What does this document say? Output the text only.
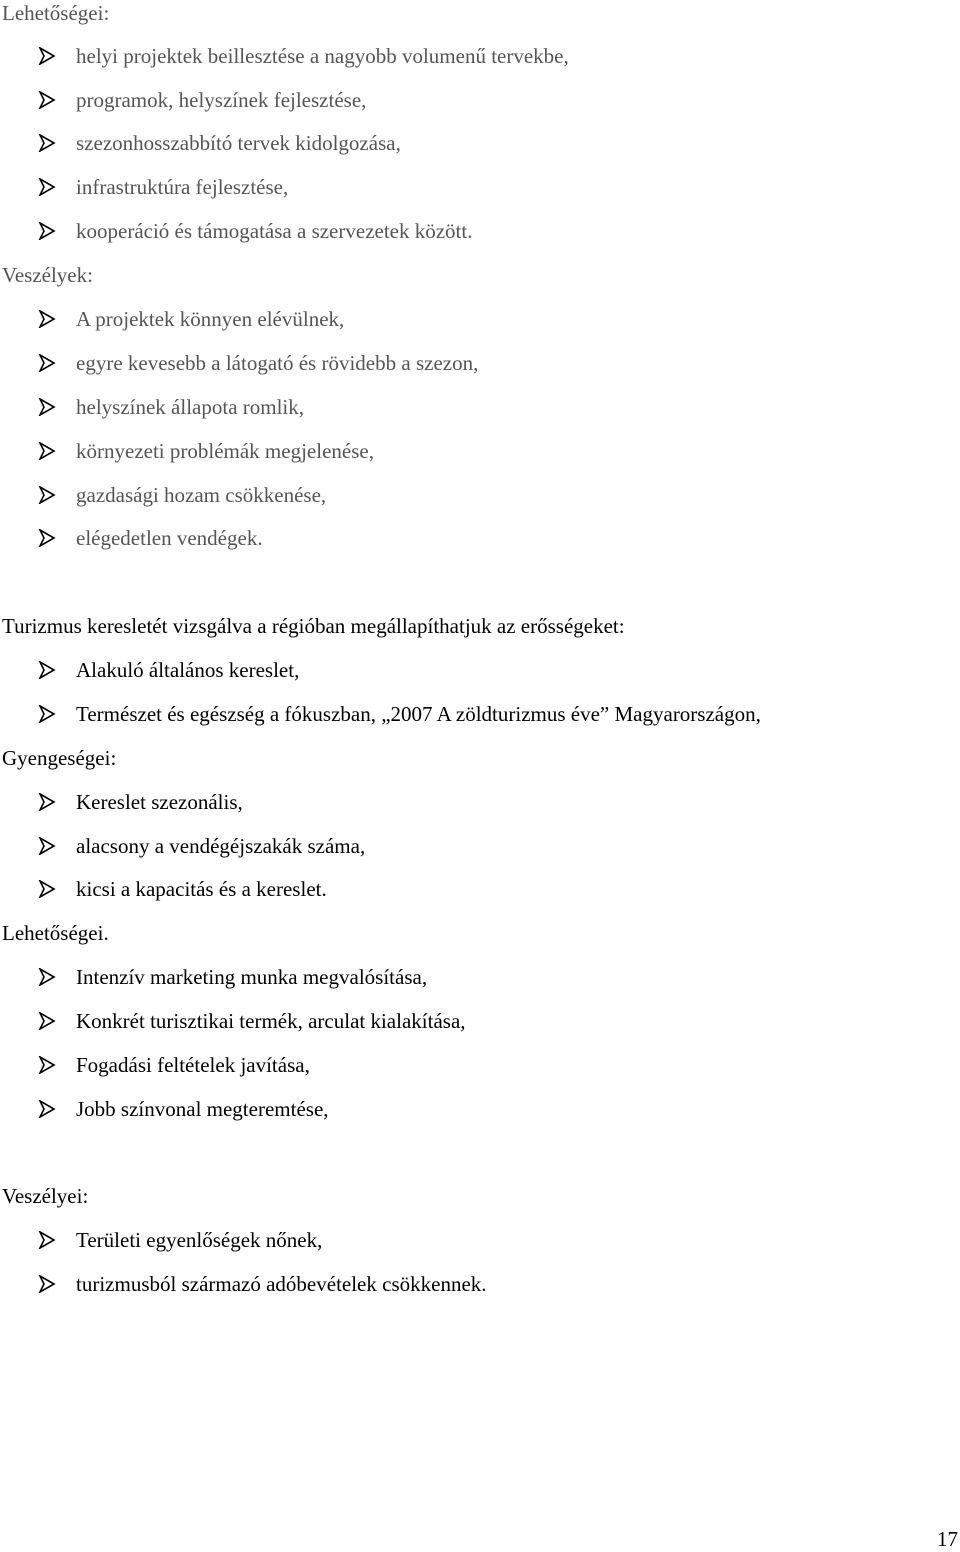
Lehetőségei:
helyi projektek beillesztése a nagyobb volumenű tervekbe,
programok, helyszínek fejlesztése,
szezonhosszabbító tervek kidolgozása,
infrastruktúra fejlesztése,
kooperáció és támogatása a szervezetek között.
Veszélyek:
A projektek könnyen elévülnek,
egyre kevesebb a látogató és rövidebb a szezon,
helyszínek állapota romlik,
környezeti problémák megjelenése,
gazdasági hozam csökkenése,
elégedetlen vendégek.
Turizmus keresletét vizsgálva a régióban megállapíthatjuk az erősségeket:
Alakuló általános kereslet,
Természet és egészség a fókuszban, „2007 A zöldturizmus éve” Magyarországon,
Gyengeségei:
Kereslet szezonális,
alacsony a vendégéjszakák száma,
kicsi a kapacitás és a kereslet.
Lehetőségei.
Intenzív marketing munka megvalósítása,
Konkrét turisztikai termék, arculat kialakítása,
Fogadási feltételek javítása,
Jobb színvonal megteremtése,
Veszélyei:
Területi egyenlőségek nőnek,
turizmusból származó adóbevételek csökkennek.
17
